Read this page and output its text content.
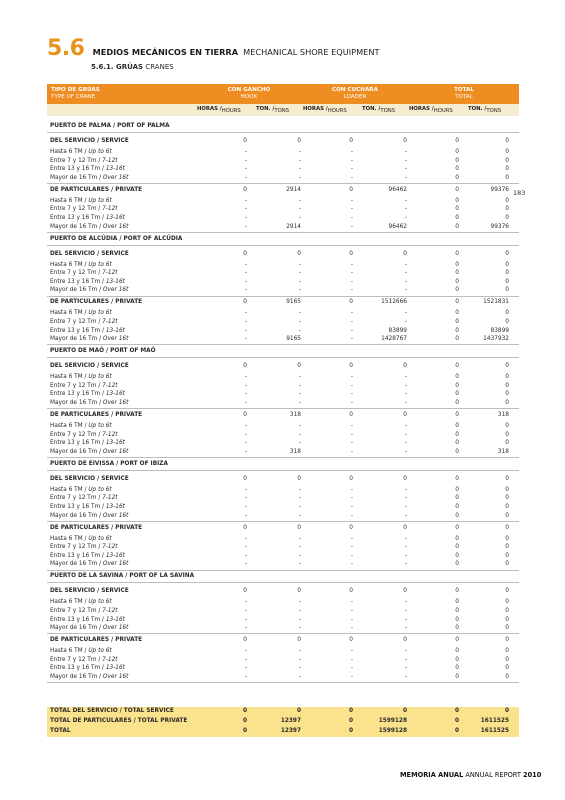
5.6 MEDIOS MECÁNICOS EN TIERRA MECHANICAL SHORE EQUIPMENT
5.6.1. GRÚAS CRANES
183
TIPO DE GRÚAS
TYPE OF CRANE
CON GANCHO
HOOK
CON CUCHARA
LOADER
TOTAL
TOTAL
HORAS / HOURS	TON. / TONS	HORAS / HOURS	TON. / TONS	HORAS / HOURS	TON. / TONS
PUERTO DE PALMA / PORT OF PALMA
DEL SERVICIO / SERVICE	0	0	0	0	0	0
Hasta 6 TM / Up to 6t	-	-	-	-	0	0
Entre 7 y 12 Tm / 7-12t	-	-	-	-	0	0
Entre 13 y 16 Tm / 13-16t	-	-	-	-	0	0
Mayor de 16 Tm / Over 16t	-	-	-	-	0	0
DE PARTICULARES / PRIVATE	0	2914	0	96462	0	99376
Hasta 6 TM / Up to 6t	-	-	-	-	0	0
Entre 7 y 12 Tm / 7-12t	-	-	-	-	0	0
Entre 13 y 16 Tm / 13-16t	-	-	-	-	0	0
Mayor de 16 Tm / Over 16t	-	2914	-	96462	0	99376
PUERTO DE ALCÚDIA / PORT OF ALCÚDIA
DEL SERVICIO / SERVICE	0	0	0	0	0	0
Hasta 6 TM / Up to 6t	-	-	-	-	0	0
Entre 7 y 12 Tm / 7-12t	-	-	-	-	0	0
Entre 13 y 16 Tm / 13-16t	-	-	-	-	0	0
Mayor de 16 Tm / Over 16t	-	-	-	-	0	0
DE PARTICULARES / PRIVATE	0	9165	0	1512666	0	1521831
Hasta 6 TM / Up to 6t	-	-	-	-	0	0
Entre 7 y 12 Tm / 7-12t	-	-	-	-	0	0
Entre 13 y 16 Tm / 13-16t	-	-	-	83899	0	83899
Mayor de 16 Tm / Over 16t	-	9165	-	1428767	0	1437932
PUERTO DE MAÓ / PORT OF MAÓ
DEL SERVICIO / SERVICE	0	0	0	0	0	0
Hasta 6 TM / Up to 6t	-	-	-	-	0	0
Entre 7 y 12 Tm / 7-12t	-	-	-	-	0	0
Entre 13 y 16 Tm / 13-16t	-	-	-	-	0	0
Mayor de 16 Tm / Over 16t	-	-	-	-	0	0
DE PARTICULARES / PRIVATE	0	318	0	0	0	318
Hasta 6 TM / Up to 6t	-	-	-	-	0	0
Entre 7 y 12 Tm / 7-12t	-	-	-	-	0	0
Entre 13 y 16 Tm / 13-16t	-	-	-	-	0	0
Mayor de 16 Tm / Over 16t	-	318	-	-	0	318
PUERTO DE EIVISSA / PORT OF IBIZA
DEL SERVICIO / SERVICE	0	0	0	0	0	0
Hasta 6 TM / Up to 6t	-	-	-	-	0	0
Entre 7 y 12 Tm / 7-12t	-	-	-	-	0	0
Entre 13 y 16 Tm / 13-16t	-	-	-	-	0	0
Mayor de 16 Tm / Over 16t	-	-	-	-	0	0
DE PARTICULARES / PRIVATE	0	0	0	0	0	0
Hasta 6 TM / Up to 6t	-	-	-	-	0	0
Entre 7 y 12 Tm / 7-12t	-	-	-	-	0	0
Entre 13 y 16 Tm / 13-16t	-	-	-	-	0	0
Mayor de 16 Tm / Over 16t	-	-	-	-	0	0
PUERTO DE LA SAVINA / PORT OF LA SAVINA
DEL SERVICIO / SERVICE	0	0	0	0	0	0
Hasta 6 TM / Up to 6t	-	-	-	-	0	0
Entre 7 y 12 Tm / 7-12t	-	-	-	-	0	0
Entre 13 y 16 Tm / 13-16t	-	-	-	-	0	0
Mayor de 16 Tm / Over 16t	-	-	-	-	0	0
DE PARTICULARES / PRIVATE	0	0	0	0	0	0
Hasta 6 TM / Up to 6t	-	-	-	-	0	0
Entre 7 y 12 Tm / 7-12t	-	-	-	-	0	0
Entre 13 y 16 Tm / 13-16t	-	-	-	-	0	0
Mayor de 16 Tm / Over 16t	-	-	-	-	0	0
TOTAL DEL SERVICIO / TOTAL SERVICE	0	0	0	0	0	0
TOTAL DE PARTICULARES / TOTAL PRIVATE	0	12397	0	1599128	0	1611525
TOTAL	0	12397	0	1599128	0	1611525
MEMORIA ANUAL ANNUAL REPORT 2010
